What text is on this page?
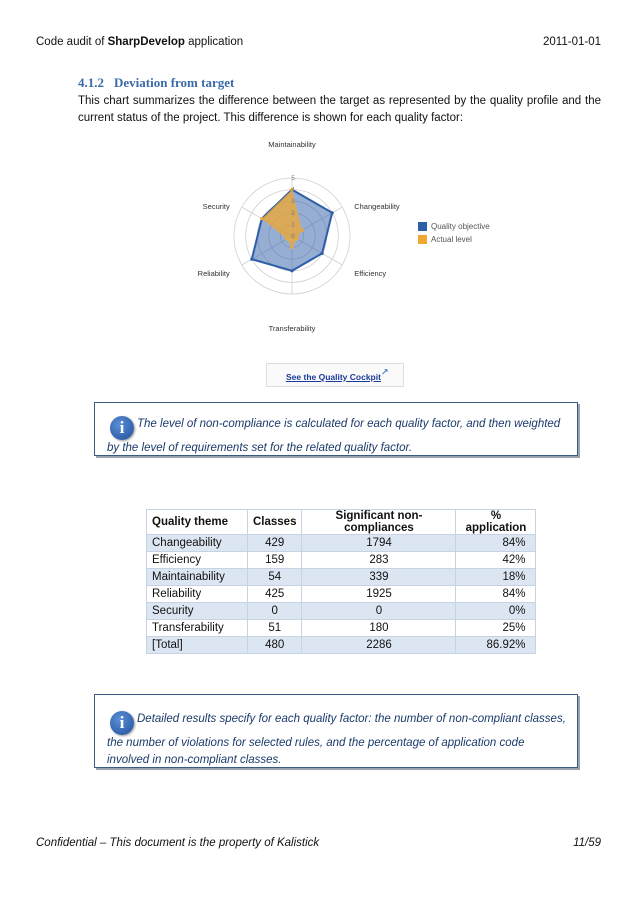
Code audit of SharpDevelop application	2011-01-01
4.1.2 Deviation from target
This chart summarizes the difference between the target as represented by the quality profile and the current status of the project. This difference is shown for each quality factor:
0
1
2
3
4
5
Maintainability
Changeability
Efficiency
Transferability
Reliability
Security
Quality objective
Actual level
See the Quality Cockpit ↗
i The level of non-compliance is calculated for each quality factor, and then weighted by the level of requirements set for the related quality factor.
Quality theme	Classes	Significant non-compliances	% application
Changeability	429	1794	84%
Efficiency	159	283	42%
Maintainability	54	339	18%
Reliability	425	1925	84%
Security	0	0	0%
Transferability	51	180	25%
[Total]	480	2286	86.92%
i Detailed results specify for each quality factor: the number of non-compliant classes, the number of violations for selected rules, and the percentage of application code involved in non-compliant classes.
Confidential – This document is the property of Kalistick	11/59
